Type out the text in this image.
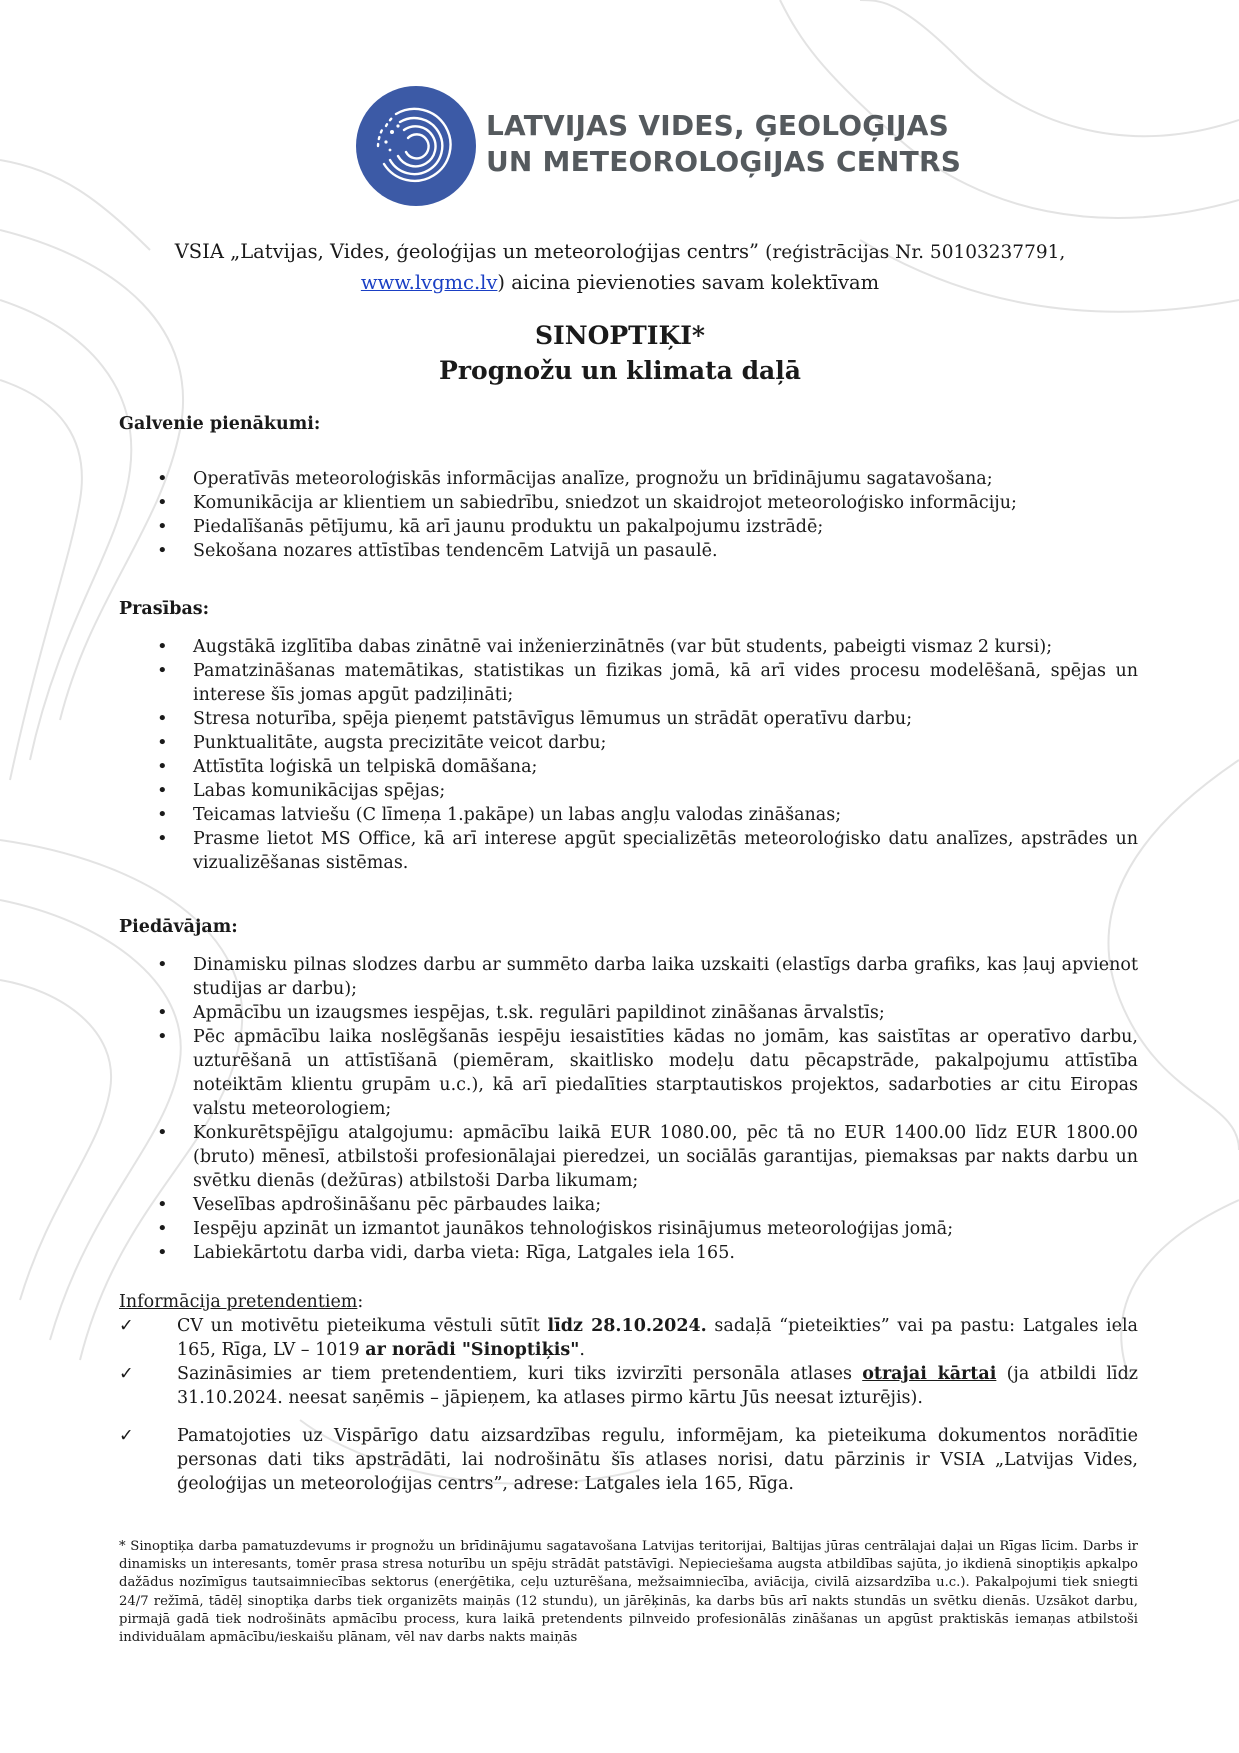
LATVIJAS VIDES, ĢEOLOĢIJAS
UN METEOROLOĢIJAS CENTRS
VSIA „Latvijas, Vides, ģeoloģijas un meteoroloģijas centrs” (reģistrācijas Nr. 50103237791,
www.lvgmc.lv) aicina pievienoties savam kolektīvam
SINOPTIĶI*
Prognožu un klimata daļā
Galvenie pienākumi:
• Operatīvās meteoroloģiskās informācijas analīze, prognožu un brīdinājumu sagatavošana;
• Komunikācija ar klientiem un sabiedrību, sniedzot un skaidrojot meteoroloģisko informāciju;
• Piedalīšanās pētījumu, kā arī jaunu produktu un pakalpojumu izstrādē;
• Sekošana nozares attīstības tendencēm Latvijā un pasaulē.
Prasības:
• Augstākā izglītība dabas zinātnē vai inženierzinātnēs (var būt students, pabeigti vismaz 2 kursi);
• Pamatzināšanas matemātikas, statistikas un fizikas jomā, kā arī vides procesu modelēšanā, spējas un interese šīs jomas apgūt padziļināti;
• Stresa noturība, spēja pieņemt patstāvīgus lēmumus un strādāt operatīvu darbu;
• Punktualitāte, augsta precizitāte veicot darbu;
• Attīstīta loģiskā un telpiskā domāšana;
• Labas komunikācijas spējas;
• Teicamas latviešu (C līmeņa 1.pakāpe) un labas angļu valodas zināšanas;
• Prasme lietot MS Office, kā arī interese apgūt specializētās meteoroloģisko datu analīzes, apstrādes un vizualizēšanas sistēmas.
Piedāvājam:
• Dinamisku pilnas slodzes darbu ar summēto darba laika uzskaiti (elastīgs darba grafiks, kas ļauj apvienot studijas ar darbu);
• Apmācību un izaugsmes iespējas, t.sk. regulāri papildinot zināšanas ārvalstīs;
• Pēc apmācību laika noslēgšanās iespēju iesaistīties kādas no jomām, kas saistītas ar operatīvo darbu, uzturēšanā un attīstīšanā (piemēram, skaitlisko modeļu datu pēcapstrāde, pakalpojumu attīstība noteiktām klientu grupām u.c.), kā arī piedalīties starptautiskos projektos, sadarboties ar citu Eiropas valstu meteorologiem;
• Konkurētspējīgu atalgojumu: apmācību laikā EUR 1080.00, pēc tā no EUR 1400.00 līdz EUR 1800.00 (bruto) mēnesī, atbilstoši profesionālajai pieredzei, un sociālās garantijas, piemaksas par nakts darbu un svētku dienās (dežūras) atbilstoši Darba likumam;
• Veselības apdrošināšanu pēc pārbaudes laika;
• Iespēju apzināt un izmantot jaunākos tehnoloģiskos risinājumus meteoroloģijas jomā;
• Labiekārtotu darba vidi, darba vieta: Rīga, Latgales iela 165.
Informācija pretendentiem:
✓	CV un motivētu pieteikuma vēstuli sūtīt līdz 28.10.2024. sadaļā “pieteikties” vai pa pastu: Latgales iela 165, Rīga, LV – 1019 ar norādi "Sinoptiķis".
✓	Sazināsimies ar tiem pretendentiem, kuri tiks izvirzīti personāla atlases otrajai kārtai (ja atbildi līdz 31.10.2024. neesat saņēmis – jāpieņem, ka atlases pirmo kārtu Jūs neesat izturējis).
✓	Pamatojoties uz Vispārīgo datu aizsardzības regulu, informējam, ka pieteikuma dokumentos norādītie personas dati tiks apstrādāti, lai nodrošinātu šīs atlases norisi, datu pārzinis ir VSIA „Latvijas Vides, ģeoloģijas un meteoroloģijas centrs”, adrese: Latgales iela 165, Rīga.
* Sinoptiķa darba pamatuzdevums ir prognožu un brīdinājumu sagatavošana Latvijas teritorijai, Baltijas jūras centrālajai daļai un Rīgas līcim. Darbs ir dinamisks un interesants, tomēr prasa stresa noturību un spēju strādāt patstāvīgi. Nepieciešama augsta atbildības sajūta, jo ikdienā sinoptiķis apkalpo dažādus nozīmīgus tautsaimniecības sektorus (enerģētika, ceļu uzturēšana, mežsaimniecība, aviācija, civilā aizsardzība u.c.). Pakalpojumi tiek sniegti 24/7 režīmā, tādēļ sinoptiķa darbs tiek organizēts maiņās (12 stundu), un jārēķinās, ka darbs būs arī nakts stundās un svētku dienās. Uzsākot darbu, pirmajā gadā tiek nodrošināts apmācību process, kura laikā pretendents pilnveido profesionālās zināšanas un apgūst praktiskās iemaņas atbilstoši individuālam apmācību/ieskaišu plānam, vēl nav darbs nakts maiņās
